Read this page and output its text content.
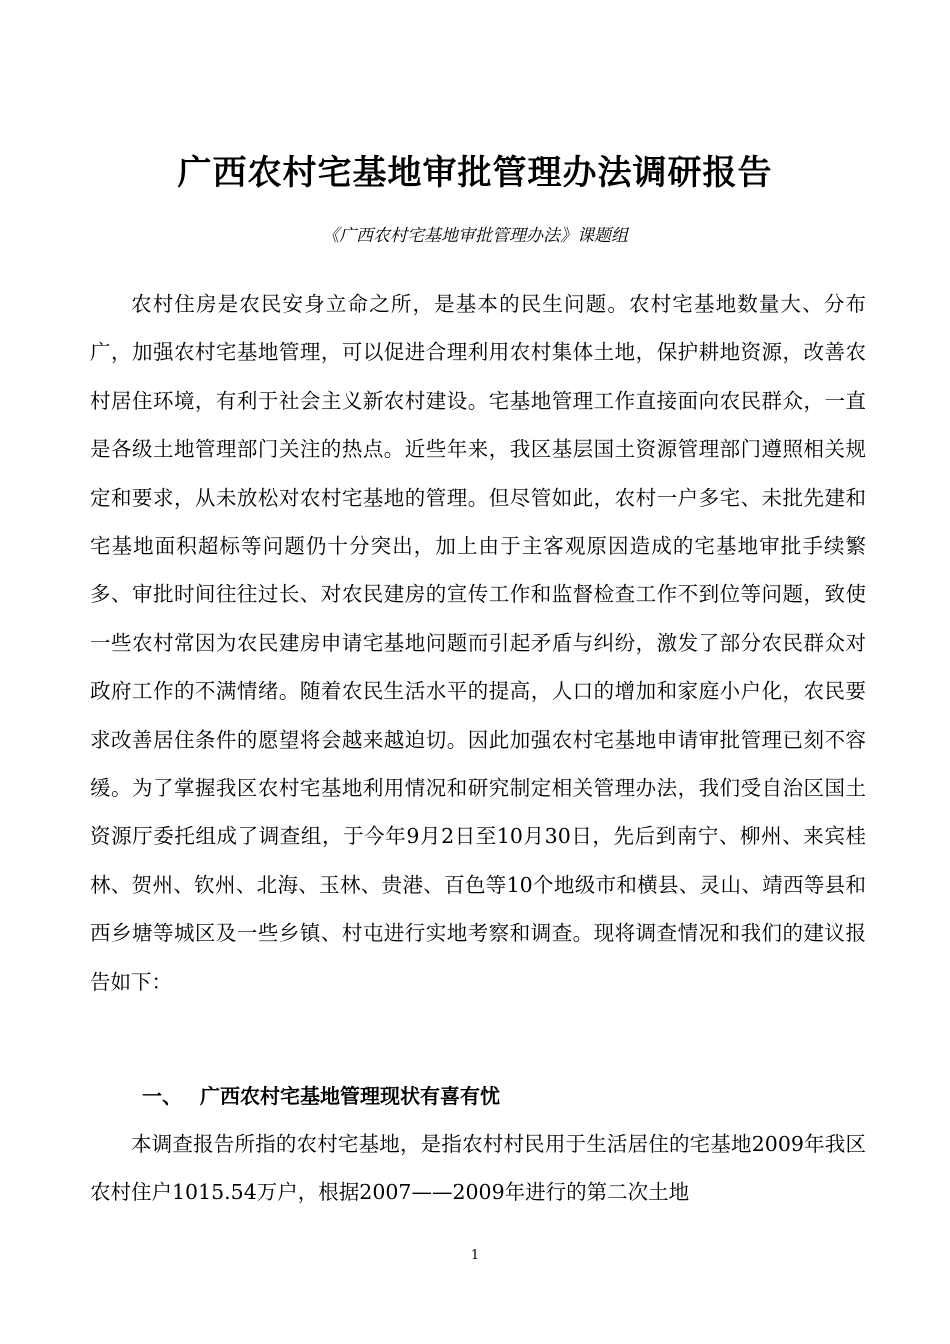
广西农村宅基地审批管理办法调研报告
《广西农村宅基地审批管理办法》课题组

农村住房是农民安身立命之所，是基本的民生问题。农村宅基地数量大、分布广，加强农村宅基地管理，可以促进合理利用农村集体土地，保护耕地资源，改善农村居住环境，有利于社会主义新农村建设。宅基地管理工作直接面向农民群众，一直是各级土地管理部门关注的热点。近些年来，我区基层国土资源管理部门遵照相关规定和要求，从未放松对农村宅基地的管理。但尽管如此，农村一户多宅、未批先建和宅基地面积超标等问题仍十分突出，加上由于主客观原因造成的宅基地审批手续繁多、审批时间往往过长、对农民建房的宣传工作和监督检查工作不到位等问题，致使一些农村常因为农民建房申请宅基地问题而引起矛盾与纠纷，激发了部分农民群众对政府工作的不满情绪。随着农民生活水平的提高，人口的增加和家庭小户化，农民要求改善居住条件的愿望将会越来越迫切。因此加强农村宅基地申请审批管理已刻不容缓。为了掌握我区农村宅基地利用情况和研究制定相关管理办法，我们受自治区国土资源厅委托组成了调查组，于今年9月2日至10月30日，先后到南宁、柳州、来宾桂林、贺州、钦州、北海、玉林、贵港、百色等10个地级市和横县、灵山、靖西等县和西乡塘等城区及一些乡镇、村屯进行实地考察和调查。现将调查情况和我们的建议报告如下：

一、 广西农村宅基地管理现状有喜有忧

本调查报告所指的农村宅基地，是指农村村民用于生活居住的宅基地2009年我区农村住户1015.54万户，根据2007——2009年进行的第二次土地

1
